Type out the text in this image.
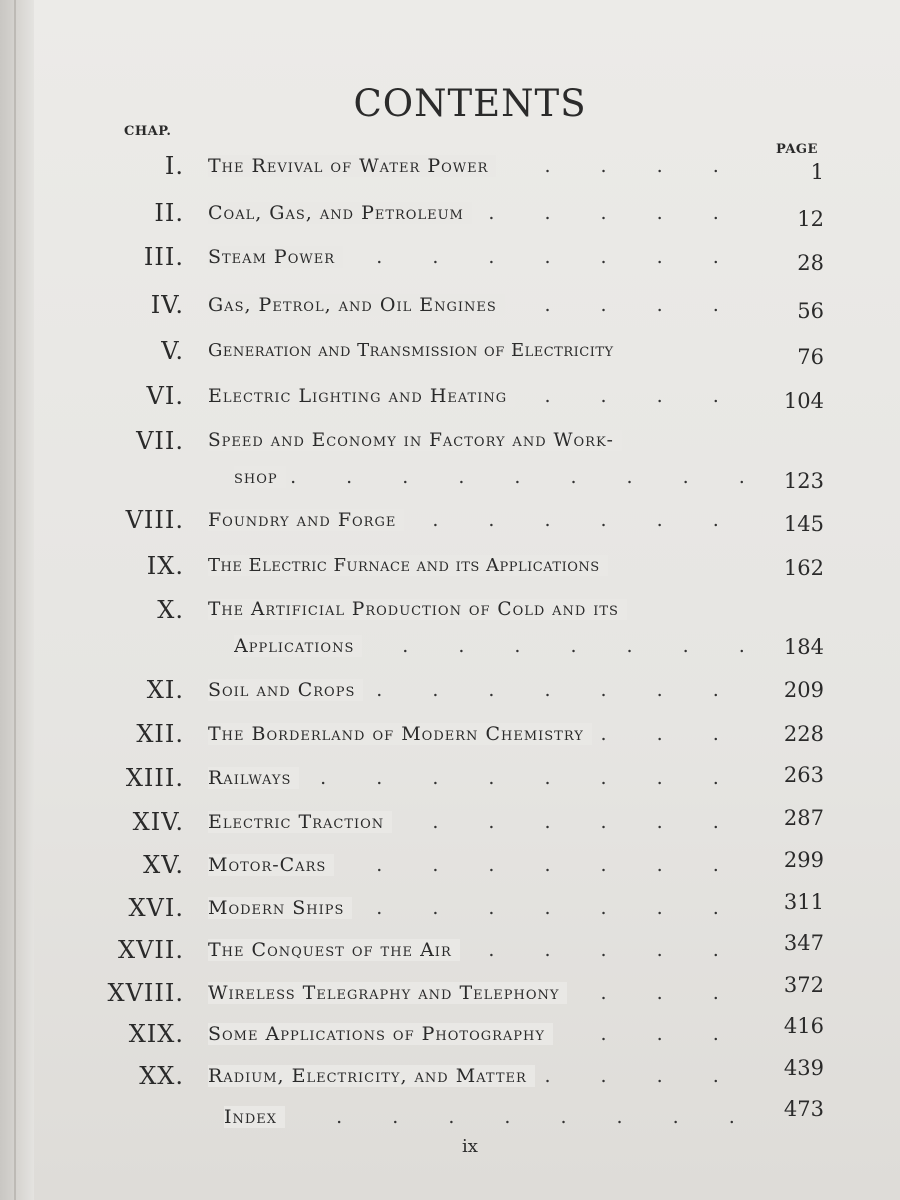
CONTENTS
CHAP.
PAGE
I. The Revival of Water Power . . .	1
II. Coal, Gas, and Petroleum . . .	12
III. Steam Power . . .	28
IV. Gas, Petrol, and Oil Engines . . .	56
V. Generation and Transmission of Electricity	76
VI. Electric Lighting and Heating . . .	104
VII. Speed and Economy in Factory and Work-
shop . . .	123
VIII. Foundry and Forge . . .	145
IX. The Electric Furnace and its Applications	162
X. The Artificial Production of Cold and its
Applications . . .	184
XI. Soil and Crops . . .	209
XII. The Borderland of Modern Chemistry . . .	228
XIII. Railways . . .	263
XIV. Electric Traction . . .	287
XV. Motor-Cars . . .	299
XVI. Modern Ships . . .	311
XVII. The Conquest of the Air . . .	347
XVIII. Wireless Telegraphy and Telephony . . .	372
XIX. Some Applications of Photography . . .	416
XX. Radium, Electricity, and Matter . . .	439
Index . . .	473
ix
